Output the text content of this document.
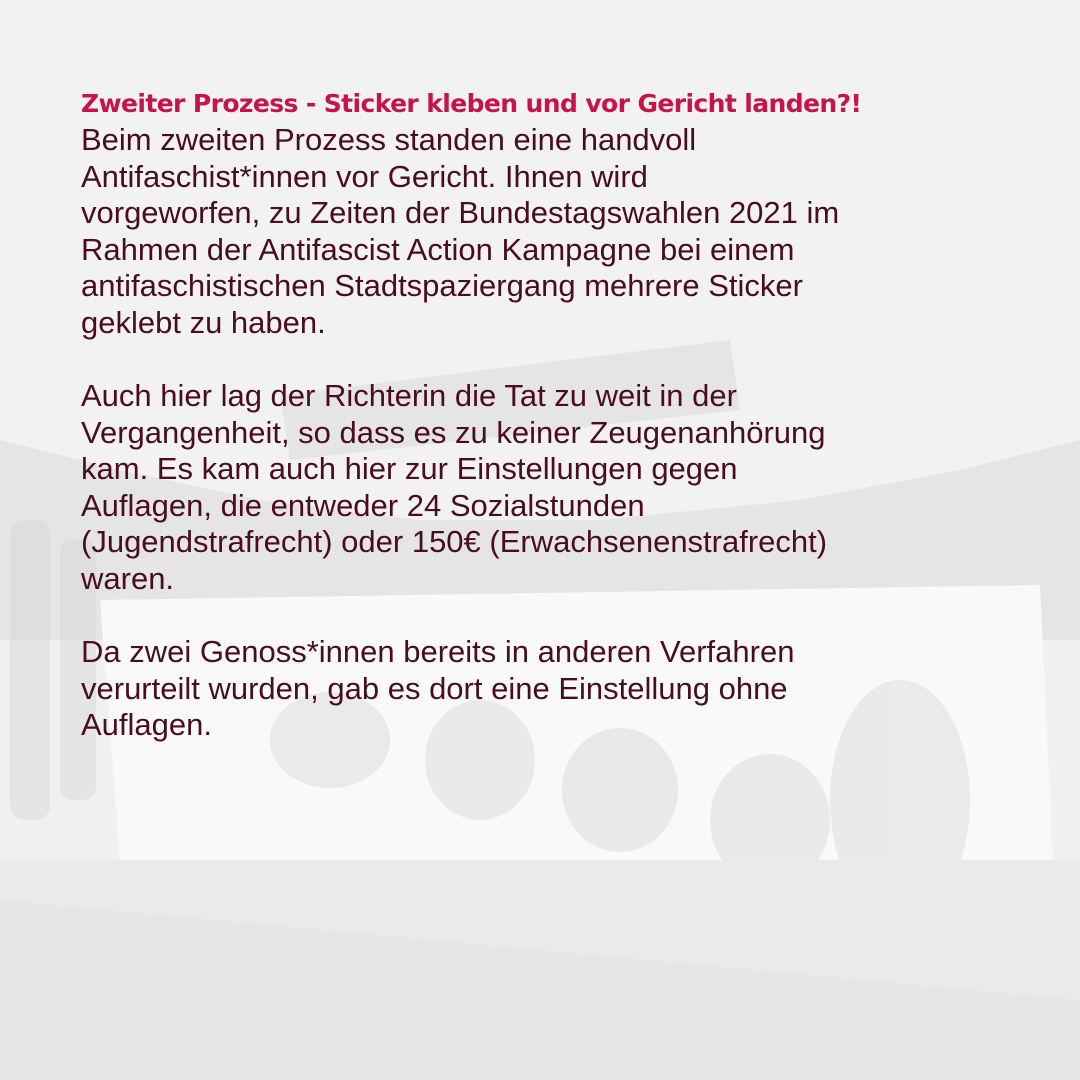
Zweiter Prozess - Sticker kleben und vor Gericht landen?!

Beim zweiten Prozess standen eine handvoll
Antifaschist*innen vor Gericht. Ihnen wird
vorgeworfen, zu Zeiten der Bundestagswahlen 2021 im
Rahmen der Antifascist Action Kampagne bei einem
antifaschistischen Stadtspaziergang mehrere Sticker
geklebt zu haben.

Auch hier lag der Richterin die Tat zu weit in der
Vergangenheit, so dass es zu keiner Zeugenanhörung
kam. Es kam auch hier zur Einstellungen gegen
Auflagen, die entweder 24 Sozialstunden
(Jugendstrafrecht) oder 150€ (Erwachsenenstrafrecht)
waren.

Da zwei Genoss*innen bereits in anderen Verfahren
verurteilt wurden, gab es dort eine Einstellung ohne
Auflagen.
